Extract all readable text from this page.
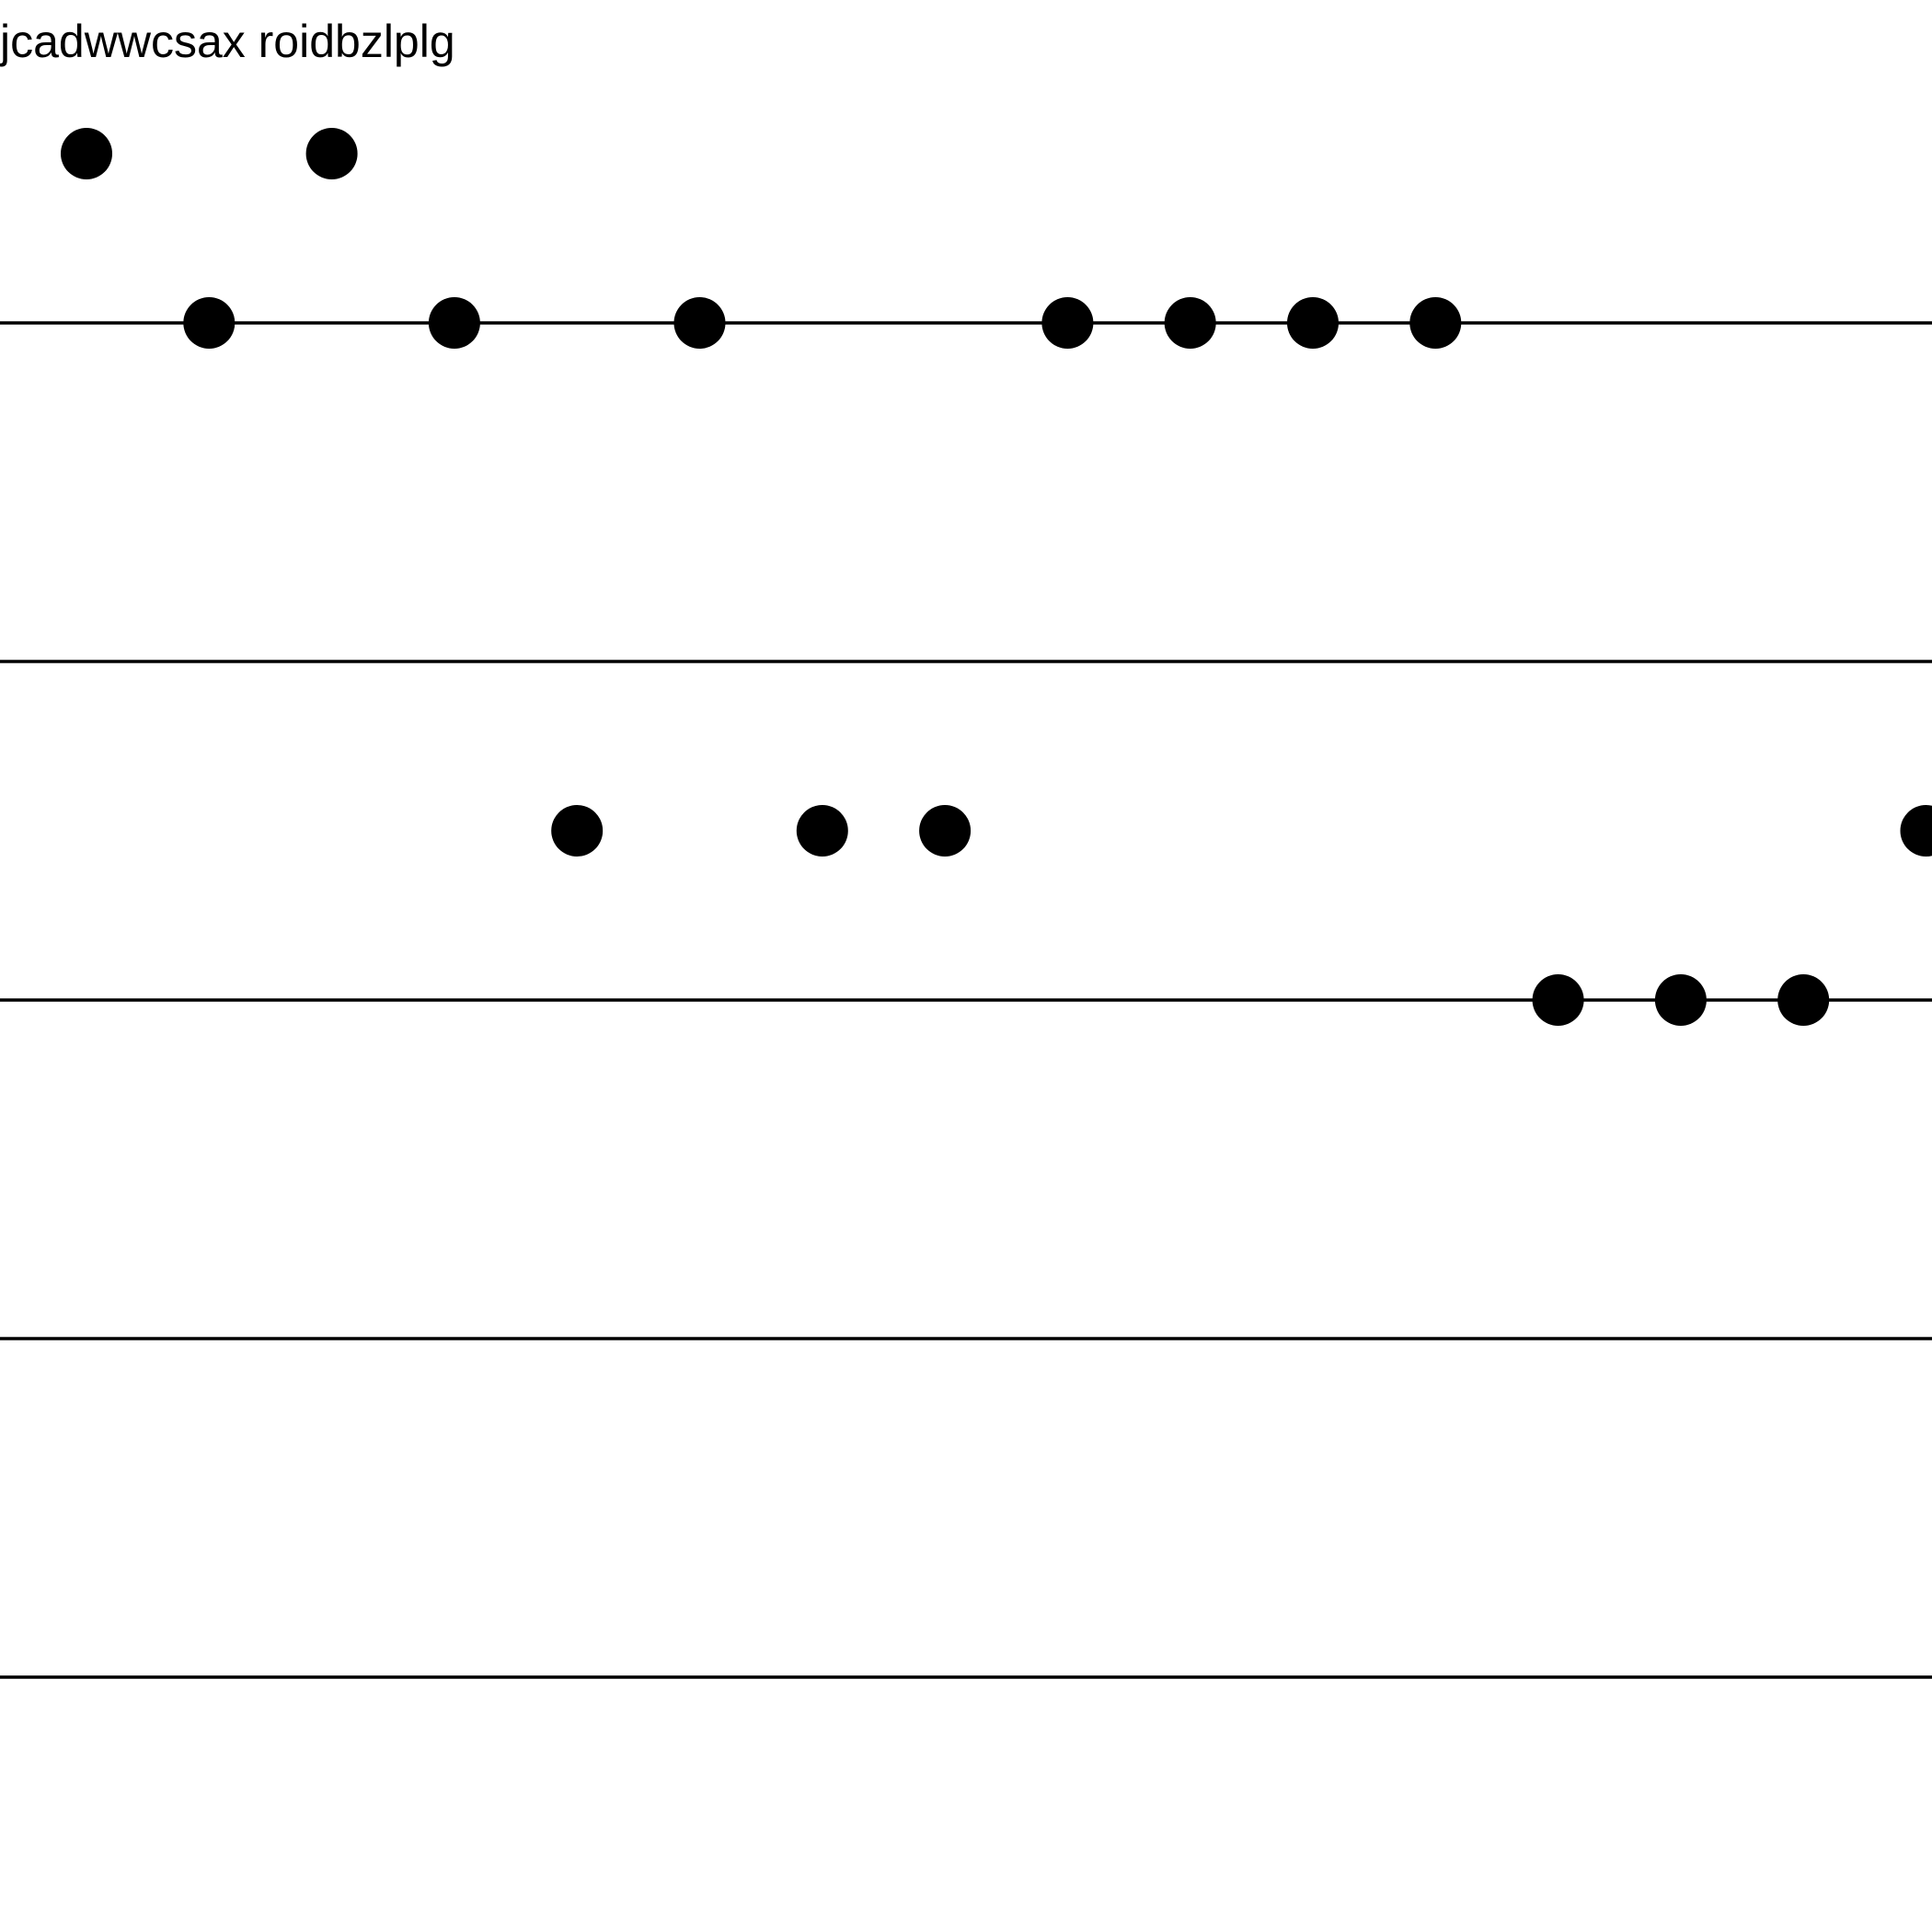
jcadwwcsax roidbzlplg
